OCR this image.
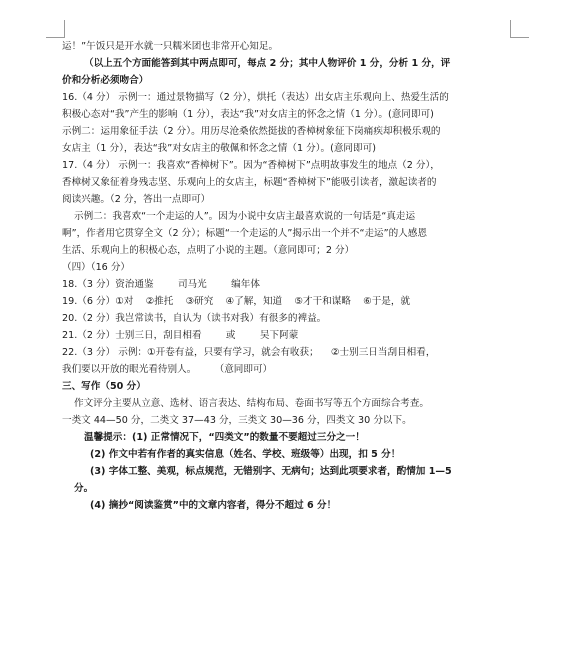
运！”午饭只是开水就一只糯米团也非常开心知足。
（以上五个方面能答到其中两点即可，每点 2 分；其中人物评价 1 分，分析 1 分，评
价和分析必须吻合）
16.（4 分） 示例一：通过景物描写（2 分），烘托（表达）出女店主乐观向上、热爱生活的
积极心态对“我”产生的影响（1 分），表达“我”对女店主的怀念之情（1 分）。(意同即可)
示例二：运用象征手法（2 分）。用历尽沧桑依然挺拔的香樟树象征下岗痛疾却积极乐观的
女店主（1 分），表达“我”对女店主的敬佩和怀念之情（1 分）。(意同即可)
17.（4 分） 示例一：我喜欢“香樟树下”。因为“香樟树下”点明故事发生的地点（2 分），
香樟树又象征着身残志坚、乐观向上的女店主，标题“香樟树下”能吸引读者，激起读者的
阅读兴趣。（2 分，答出一点即可）
示例二：我喜欢“一个走运的人”。因为小说中女店主最喜欢说的一句话是“真走运
啊”，作者用它贯穿全文（2 分）；标题“一个走运的人”揭示出一个并不“走运”的人感恩
生活、乐观向上的积极心态，点明了小说的主题。（意同即可；2 分）
（四）（16 分）
18.（3 分）资治通鉴        司马光        编年体
19.（6 分）①对    ②推托    ③研究    ④了解，知道    ⑤才干和谋略    ⑥于是，就
20.（2 分）我岂常读书，自认为（读书对我）有很多的裨益。
21.（2 分）士别三日，刮目相看        或        吴下阿蒙
22.（3 分） 示例：①开卷有益，只要有学习，就会有收获；    ②士别三日当刮目相看，
我们要以开放的眼光看待别人。      （意同即可）
三、写作（50 分）
作文评分主要从立意、选材、语言表达、结构布局、卷面书写等五个方面综合考查。
一类文 44—50 分，二类文 37—43 分，三类文 30—36 分，四类文 30 分以下。
温馨提示：(1) 正常情况下，“四类文”的数量不要超过三分之一！
(2) 作文中若有作者的真实信息（姓名、学校、班级等）出现，扣 5 分！
(3) 字体工整、美观，标点规范，无错别字、无病句；达到此项要求者，酌情加 1—5
分。
(4) 摘抄“阅读鉴赏”中的文章内容者，得分不超过 6 分！
